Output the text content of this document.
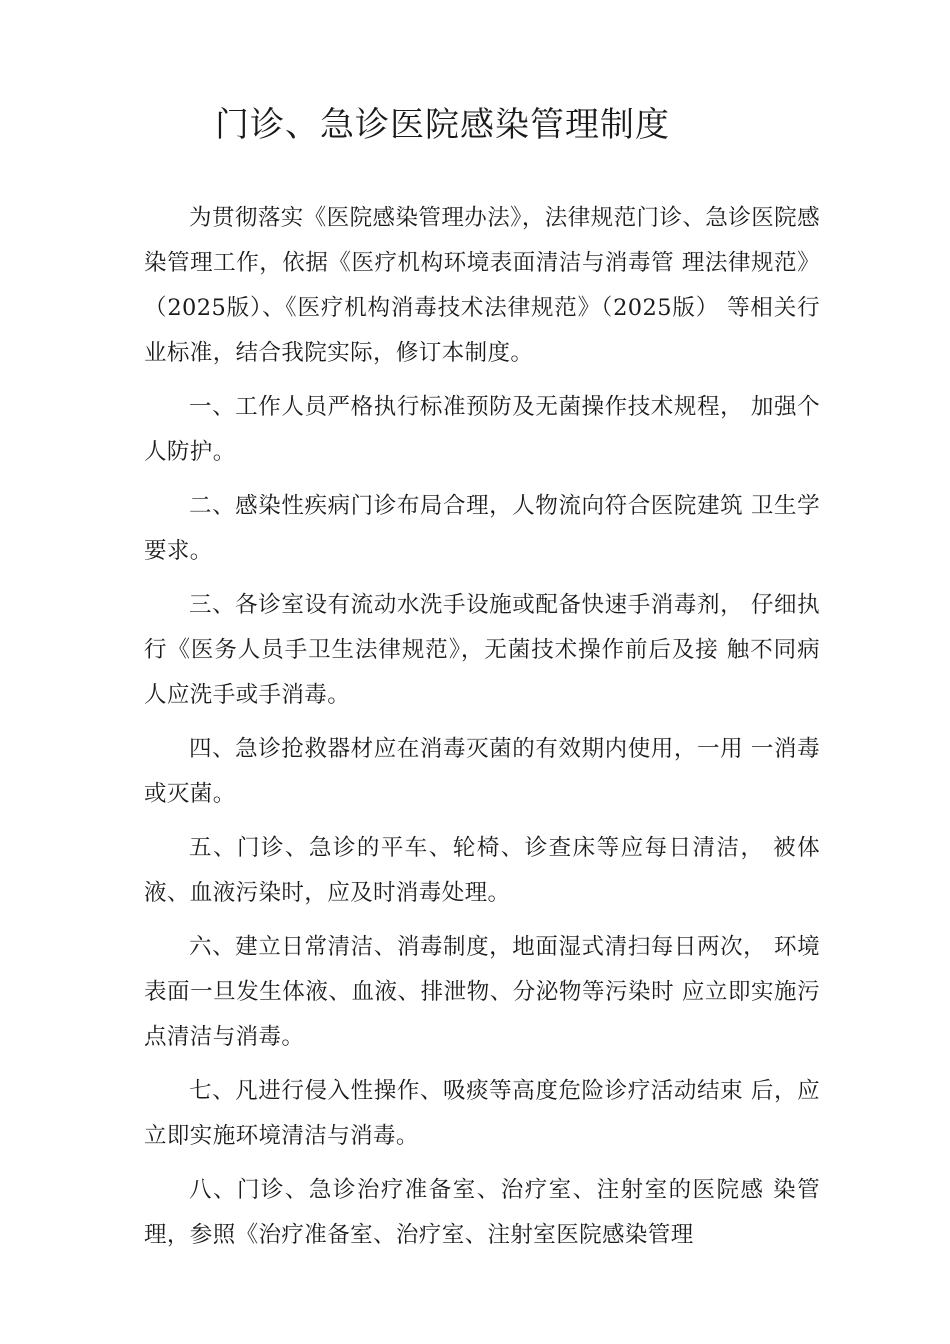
门诊、急诊医院感染管理制度

为贯彻落实《医院感染管理办法》，法律规范门诊、急诊医院感染管理工作，依据《医疗机构环境表面清洁与消毒管 理法律规范》（2025版）、《医疗机构消毒技术法律规范》（2025版） 等相关行业标准，结合我院实际，修订本制度。

一、工作人员严格执行标准预防及无菌操作技术规程， 加强个人防护。

二、感染性疾病门诊布局合理，人物流向符合医院建筑 卫生学要求。

三、各诊室设有流动水洗手设施或配备快速手消毒剂， 仔细执行《医务人员手卫生法律规范》，无菌技术操作前后及接 触不同病人应洗手或手消毒。

四、急诊抢救器材应在消毒灭菌的有效期内使用，一用 一消毒或灭菌。

五、门诊、急诊的平车、轮椅、诊查床等应每日清洁， 被体液、血液污染时，应及时消毒处理。

六、建立日常清洁、消毒制度，地面湿式清扫每日两次， 环境表面一旦发生体液、血液、排泄物、分泌物等污染时 应立即实施污点清洁与消毒。

七、凡进行侵入性操作、吸痰等高度危险诊疗活动结束 后，应立即实施环境清洁与消毒。

八、门诊、急诊治疗准备室、治疗室、注射室的医院感 染管理，参照《治疗准备室、治疗室、注射室医院感染管理
